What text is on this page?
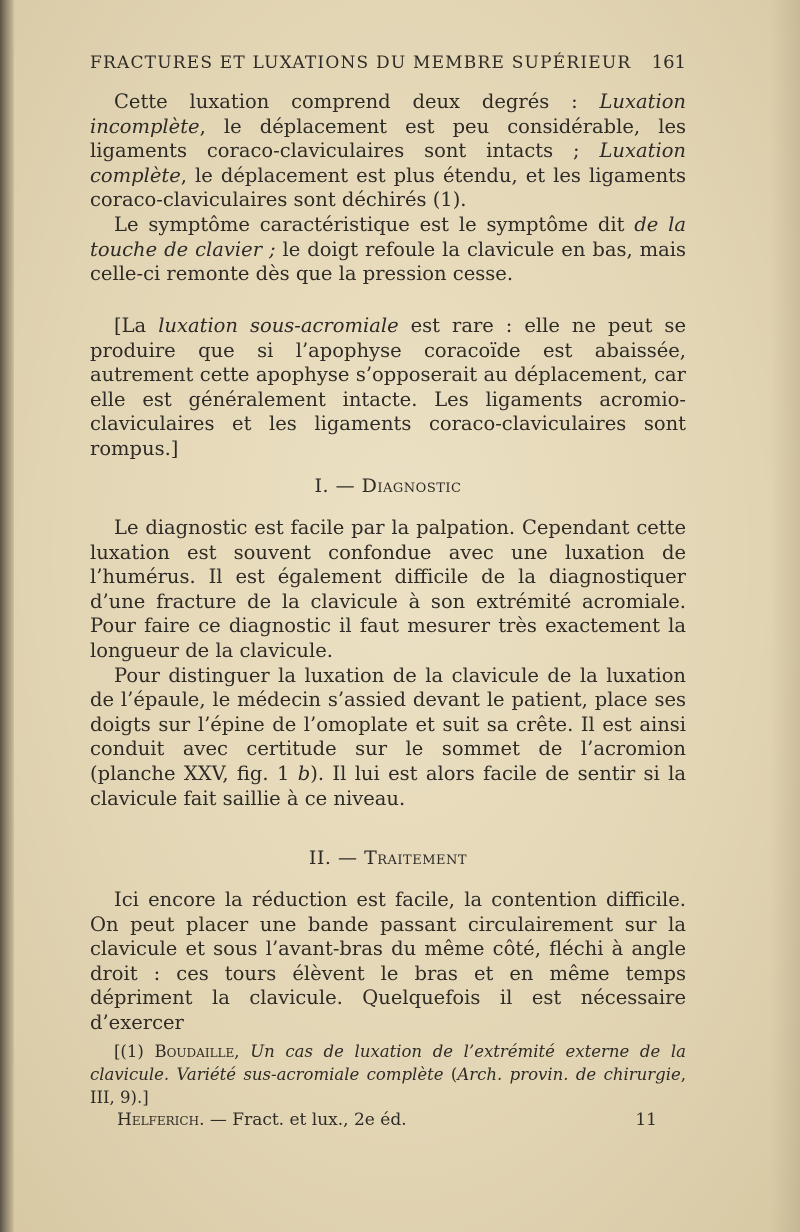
FRACTURES ET LUXATIONS DU MEMBRE SUPÉRIEUR 161

Cette luxation comprend deux degrés : Luxation incomplète, le déplacement est peu considérable, les ligaments coraco-claviculaires sont intacts ; Luxation complète, le déplacement est plus étendu, et les ligaments coraco-claviculaires sont déchirés (1).

Le symptôme caractéristique est le symptôme dit de la touche de clavier ; le doigt refoule la clavicule en bas, mais celle-ci remonte dès que la pression cesse.

[La luxation sous-acromiale est rare : elle ne peut se produire que si l’apophyse coracoïde est abaissée, autrement cette apophyse s’opposerait au déplacement, car elle est généralement intacte. Les ligaments acromio-claviculaires et les ligaments coraco-claviculaires sont rompus.]

I. — Diagnostic

Le diagnostic est facile par la palpation. Cependant cette luxation est souvent confondue avec une luxation de l’humérus. Il est également difficile de la diagnostiquer d’une fracture de la clavicule à son extrémité acromiale. Pour faire ce diagnostic il faut mesurer très exactement la longueur de la clavicule.

Pour distinguer la luxation de la clavicule de la luxation de l’épaule, le médecin s’assied devant le patient, place ses doigts sur l’épine de l’omoplate et suit sa crête. Il est ainsi conduit avec certitude sur le sommet de l’acromion (planche XXV, fig. 1 b). Il lui est alors facile de sentir si la clavicule fait saillie à ce niveau.

II. — Traitement

Ici encore la réduction est facile, la contention difficile. On peut placer une bande passant circulairement sur la clavicule et sous l’avant-bras du même côté, fléchi à angle droit : ces tours élèvent le bras et en même temps dépriment la clavicule. Quelquefois il est nécessaire d’exercer

[(1) Boudaille, Un cas de luxation de l’extrémité externe de la clavicule. Variété sus-acromiale complète (Arch. provin. de chirurgie, III, 9).]

Helferich. — Fract. et lux., 2e éd.	11
